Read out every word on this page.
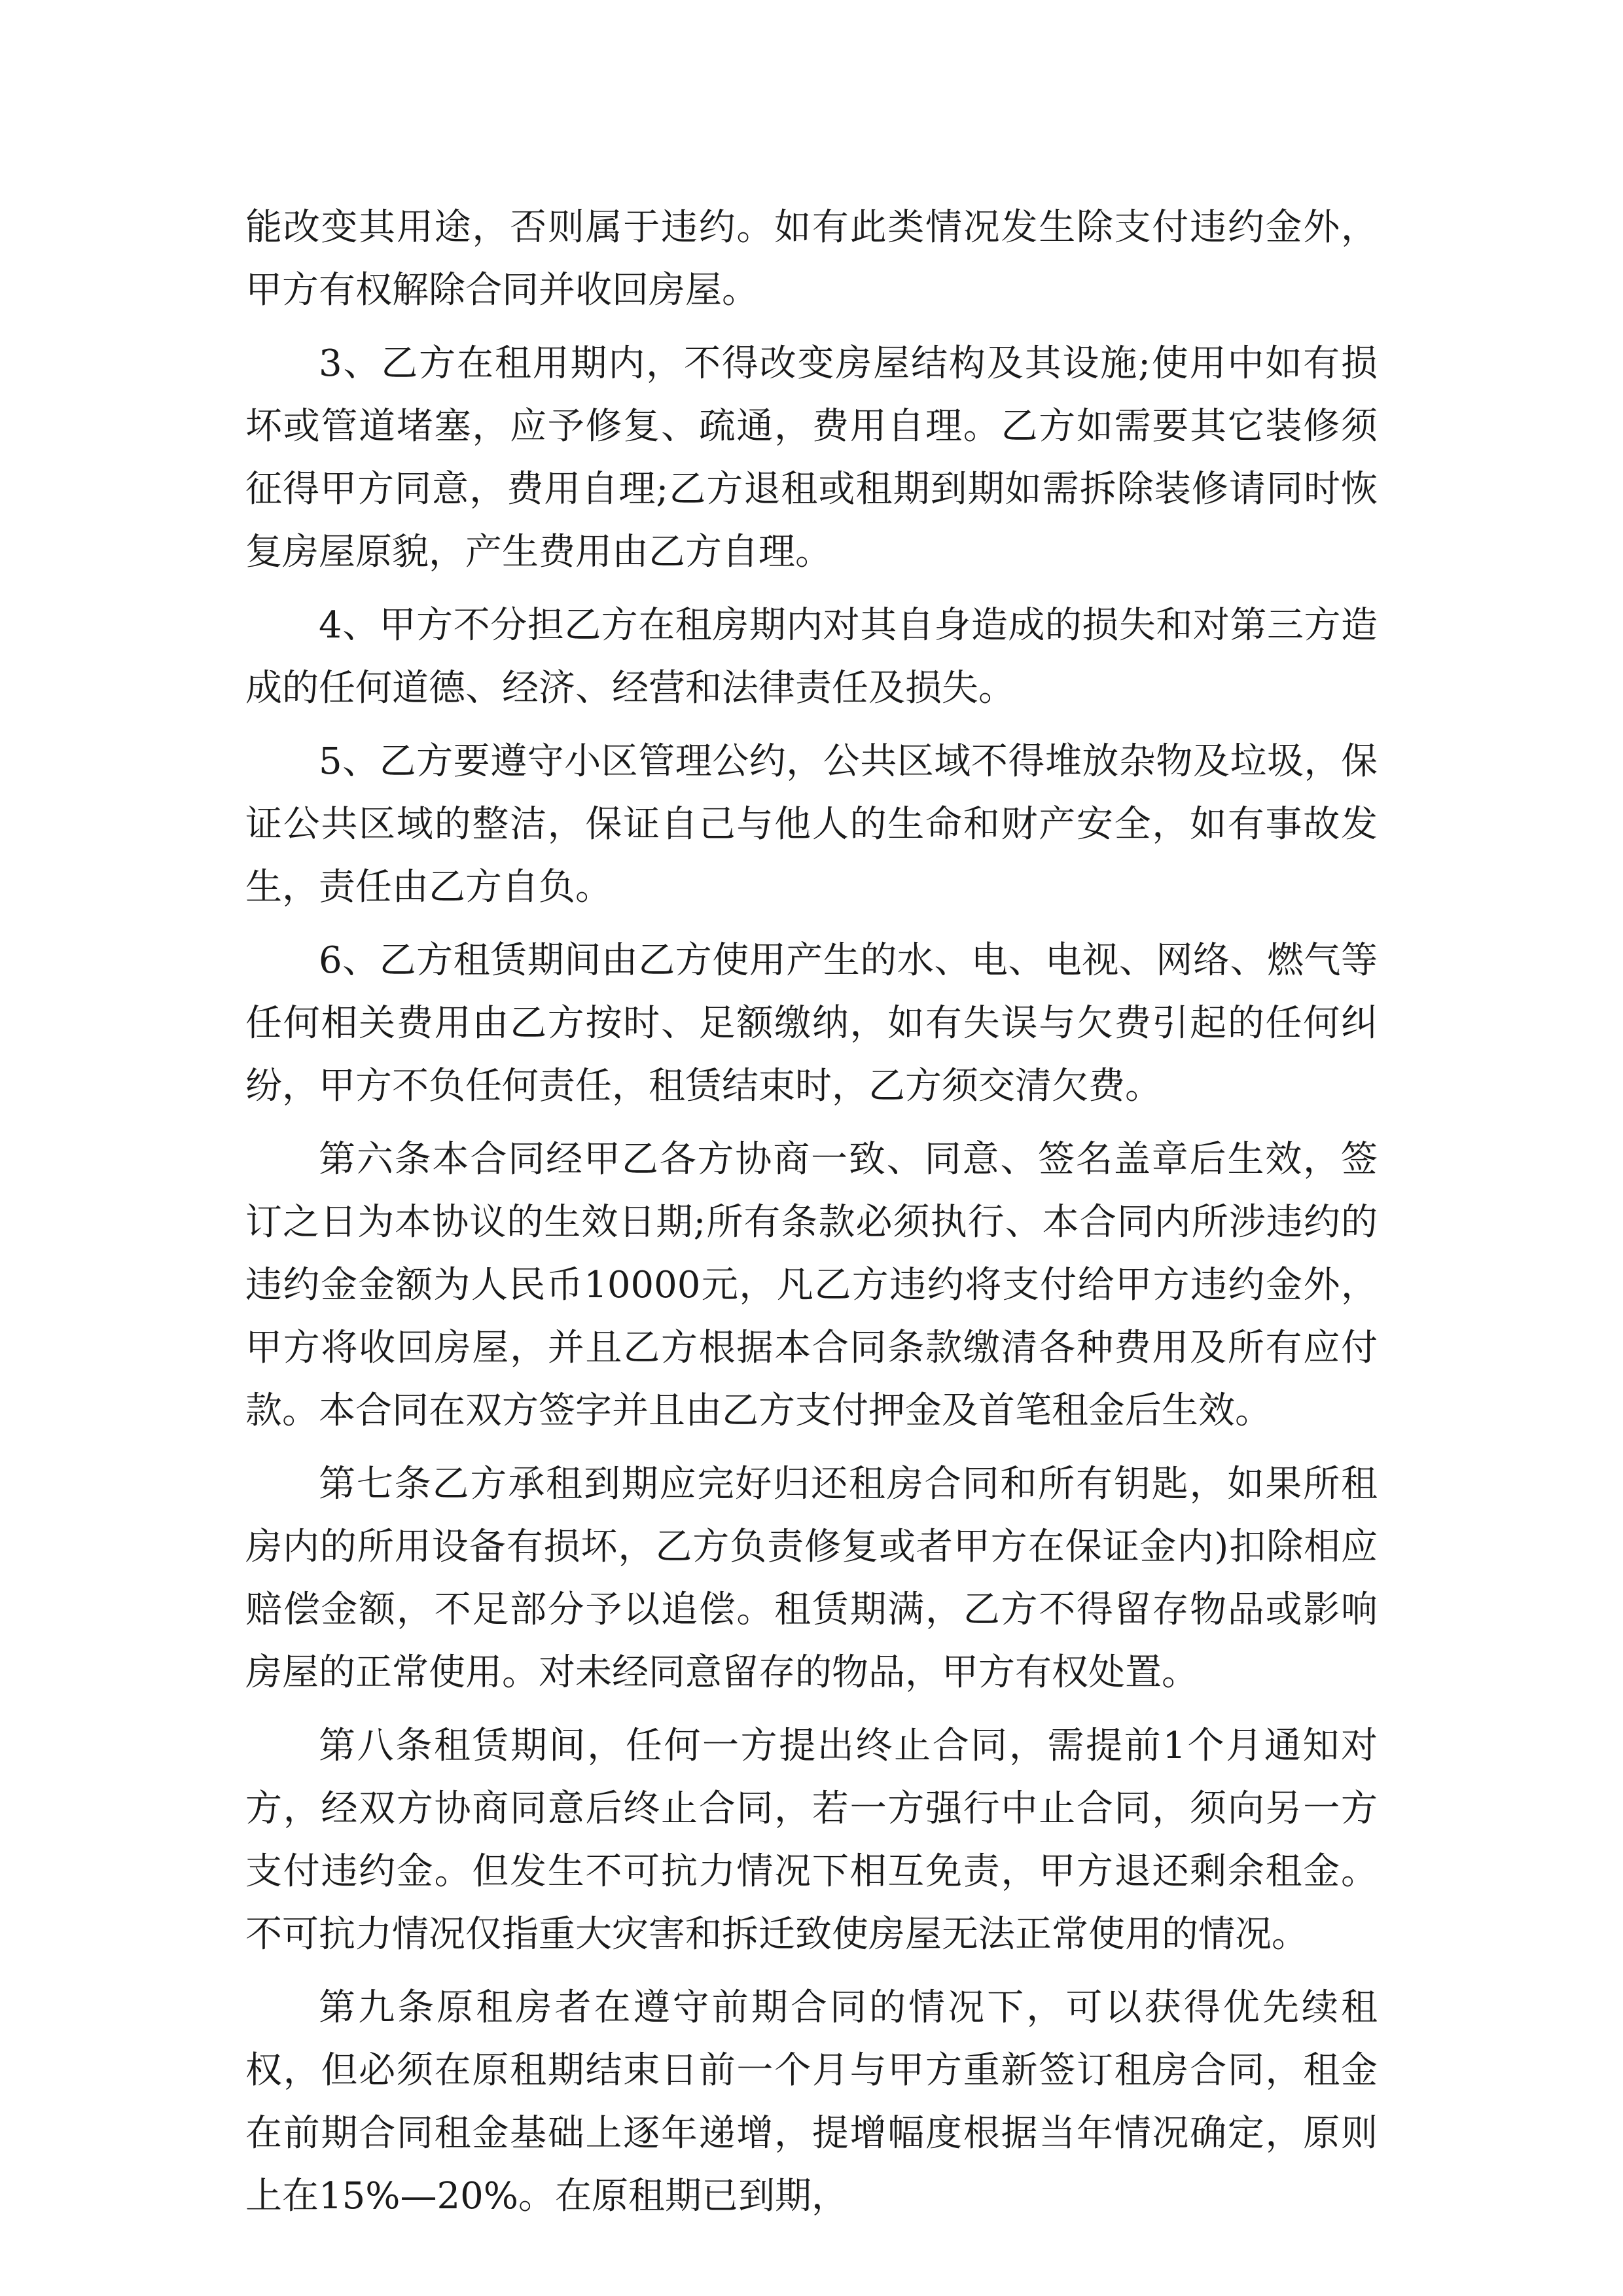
能改变其用途，否则属于违约。如有此类情况发生除支付违约金外，甲方有权解除合同并收回房屋。

3、乙方在租用期内，不得改变房屋结构及其设施;使用中如有损坏或管道堵塞，应予修复、疏通，费用自理。乙方如需要其它装修须征得甲方同意，费用自理;乙方退租或租期到期如需拆除装修请同时恢复房屋原貌，产生费用由乙方自理。

4、甲方不分担乙方在租房期内对其自身造成的损失和对第三方造成的任何道德、经济、经营和法律责任及损失。

5、乙方要遵守小区管理公约，公共区域不得堆放杂物及垃圾，保证公共区域的整洁，保证自己与他人的生命和财产安全，如有事故发生，责任由乙方自负。

6、乙方租赁期间由乙方使用产生的水、电、电视、网络、燃气等任何相关费用由乙方按时、足额缴纳，如有失误与欠费引起的任何纠纷，甲方不负任何责任，租赁结束时，乙方须交清欠费。

第六条本合同经甲乙各方协商一致、同意、签名盖章后生效，签订之日为本协议的生效日期;所有条款必须执行、本合同内所涉违约的违约金金额为人民币10000元，凡乙方违约将支付给甲方违约金外，甲方将收回房屋，并且乙方根据本合同条款缴清各种费用及所有应付款。本合同在双方签字并且由乙方支付押金及首笔租金后生效。

第七条乙方承租到期应完好归还租房合同和所有钥匙，如果所租房内的所用设备有损坏，乙方负责修复或者甲方在保证金内)扣除相应赔偿金额，不足部分予以追偿。租赁期满，乙方不得留存物品或影响房屋的正常使用。对未经同意留存的物品，甲方有权处置。

第八条租赁期间，任何一方提出终止合同，需提前1个月通知对方，经双方协商同意后终止合同，若一方强行中止合同，须向另一方支付违约金。但发生不可抗力情况下相互免责，甲方退还剩余租金。不可抗力情况仅指重大灾害和拆迁致使房屋无法正常使用的情况。

第九条原租房者在遵守前期合同的情况下，可以获得优先续租权，但必须在原租期结束日前一个月与甲方重新签订租房合同，租金在前期合同租金基础上逐年递增，提增幅度根据当年情况确定，原则上在15%—20%。在原租期已到期，
